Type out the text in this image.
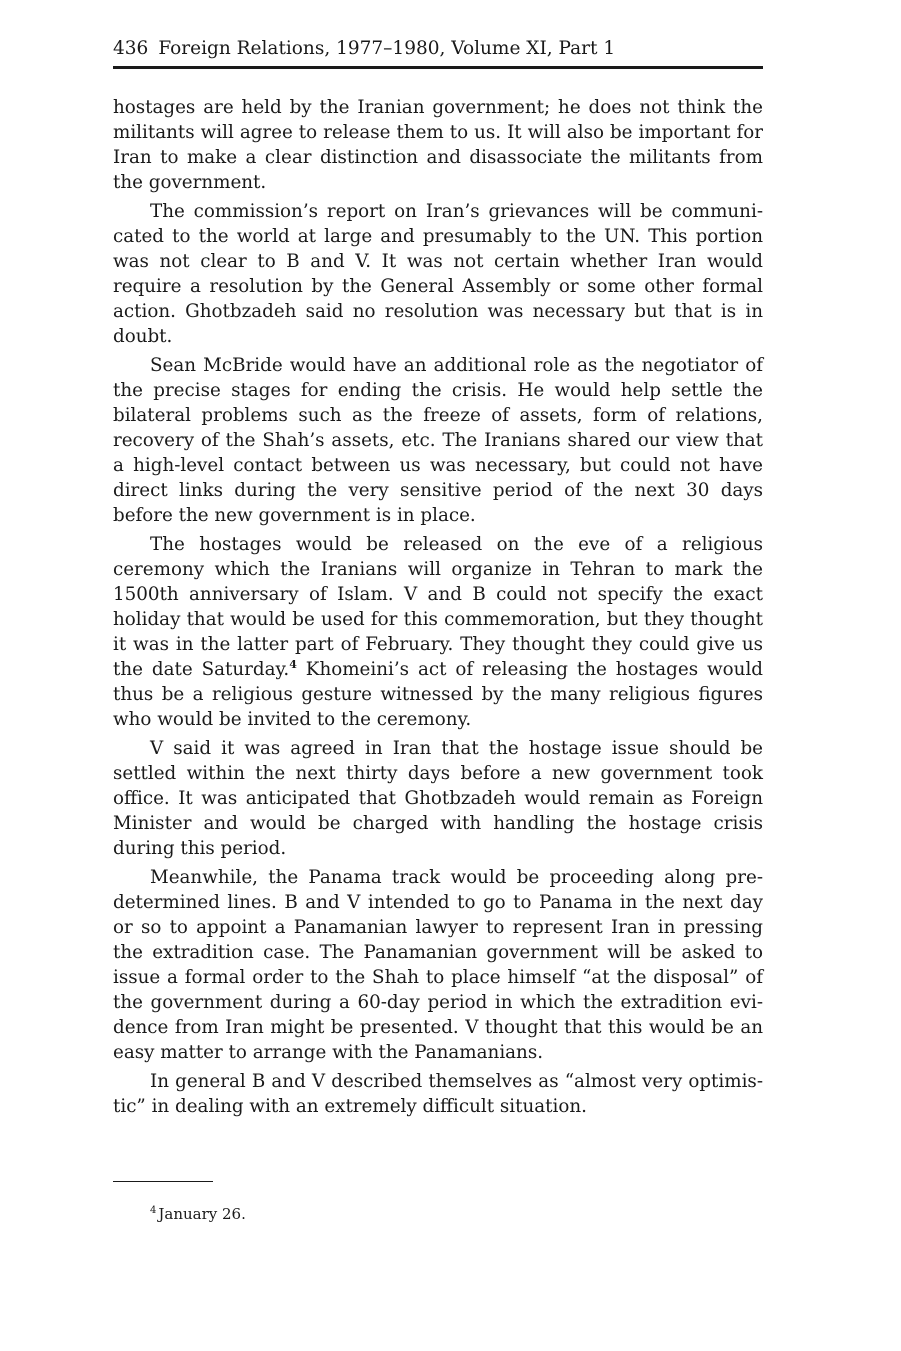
436 Foreign Relations, 1977–1980, Volume XI, Part 1

hostages are held by the Iranian government; he does not think the militants will agree to release them to us. It will also be important for Iran to make a clear distinction and disassociate the militants from the government.

The commission’s report on Iran’s grievances will be communicated to the world at large and presumably to the UN. This portion was not clear to B and V. It was not certain whether Iran would require a resolution by the General Assembly or some other formal action. Ghotbzadeh said no resolution was necessary but that is in doubt.

Sean McBride would have an additional role as the negotiator of the precise stages for ending the crisis. He would help settle the bilateral problems such as the freeze of assets, form of relations, recovery of the Shah’s assets, etc. The Iranians shared our view that a high-level contact between us was necessary, but could not have direct links during the very sensitive period of the next 30 days before the new government is in place.

The hostages would be released on the eve of a religious ceremony which the Iranians will organize in Tehran to mark the 1500th anniversary of Islam. V and B could not specify the exact holiday that would be used for this commemoration, but they thought it was in the latter part of February. They thought they could give us the date Saturday.$^4$ Khomeini’s act of releasing the hostages would thus be a religious gesture witnessed by the many religious figures who would be invited to the ceremony.

V said it was agreed in Iran that the hostage issue should be settled within the next thirty days before a new government took office. It was anticipated that Ghotbzadeh would remain as Foreign Minister and would be charged with handling the hostage crisis during this period.

Meanwhile, the Panama track would be proceeding along predetermined lines. B and V intended to go to Panama in the next day or so to appoint a Panamanian lawyer to represent Iran in pressing the extradition case. The Panamanian government will be asked to issue a formal order to the Shah to place himself “at the disposal” of the government during a 60-day period in which the extradition evidence from Iran might be presented. V thought that this would be an easy matter to arrange with the Panamanians.

In general B and V described themselves as “almost very optimistic” in dealing with an extremely difficult situation.

$^4$ January 26.
